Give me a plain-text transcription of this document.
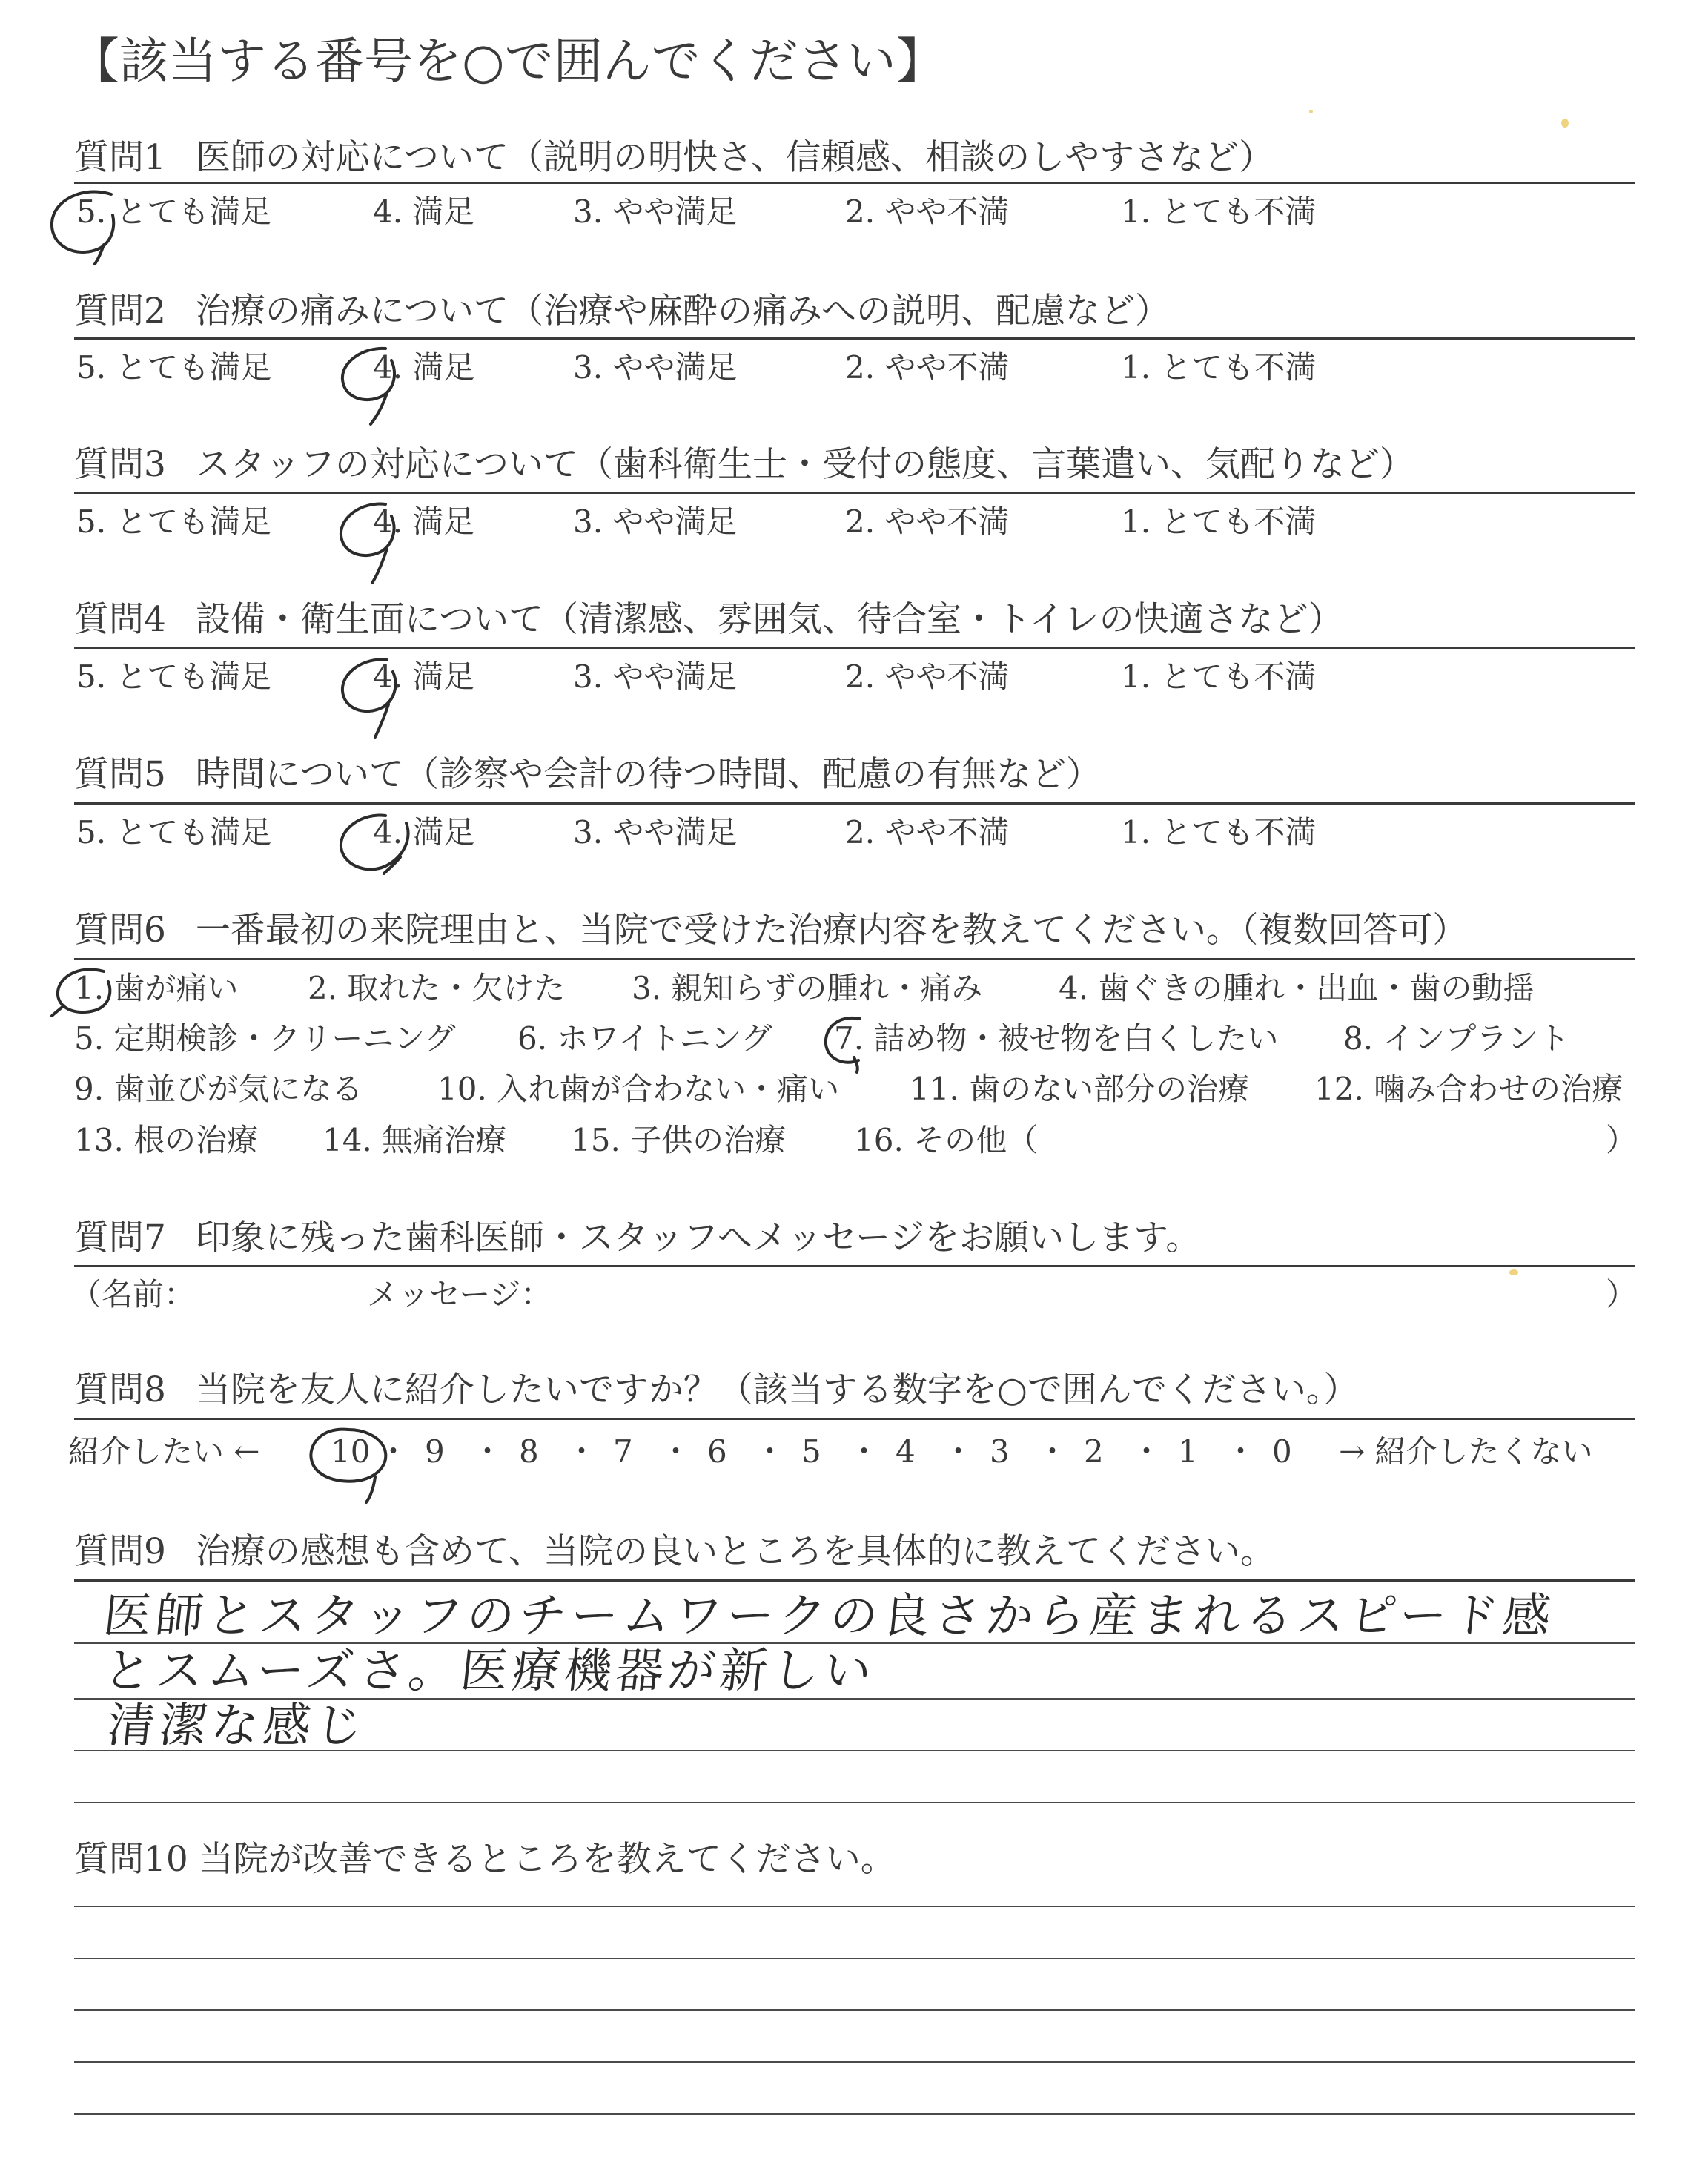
【該当する番号を○で囲んでください】
質問1 医師の対応について（説明の明快さ、信頼感、相談のしやすさなど）
5. とても満足	4. 満足	3. やや満足	2. やや不満	1. とても不満
質問2 治療の痛みについて（治療や麻酔の痛みへの説明、配慮など）
5. とても満足	4. 満足	3. やや満足	2. やや不満	1. とても不満
質問3 スタッフの対応について（歯科衛生士・受付の態度、言葉遣い、気配りなど）
5. とても満足	4. 満足	3. やや満足	2. やや不満	1. とても不満
質問4 設備・衛生面について（清潔感、雰囲気、待合室・トイレの快適さなど）
5. とても満足	4. 満足	3. やや満足	2. やや不満	1. とても不満
質問5 時間について（診察や会計の待つ時間、配慮の有無など）
5. とても満足	4. 満足	3. やや満足	2. やや不満	1. とても不満
質問6 一番最初の来院理由と、当院で受けた治療内容を教えてください。（複数回答可）
1. 歯が痛い 2. 取れた・欠けた 3. 親知らずの腫れ・痛み 4. 歯ぐきの腫れ・出血・歯の動揺
5. 定期検診・クリーニング 6. ホワイトニング 7. 詰め物・被せ物を白くしたい 8. インプラント
9. 歯並びが気になる 10. 入れ歯が合わない・痛い 11. 歯のない部分の治療 12. 噛み合わせの治療
13. 根の治療 14. 無痛治療 15. 子供の治療 16. その他（	）
質問7 印象に残った歯科医師・スタッフへメッセージをお願いします。
（名前：	メッセージ：	）
質問8 当院を友人に紹介したいですか？（該当する数字を○で囲んでください。）
紹介したい ← 10 ・ 9 ・ 8 ・ 7 ・ 6 ・ 5 ・ 4 ・ 3 ・ 2 ・ 1 ・ 0 → 紹介したくない
質問9 治療の感想も含めて、当院の良いところを具体的に教えてください。
医師とスタッフのチームワークの良さから産まれるスピード感
とスムーズさ。医療機器が新しい
清潔な感じ
質問10 当院が改善できるところを教えてください。
